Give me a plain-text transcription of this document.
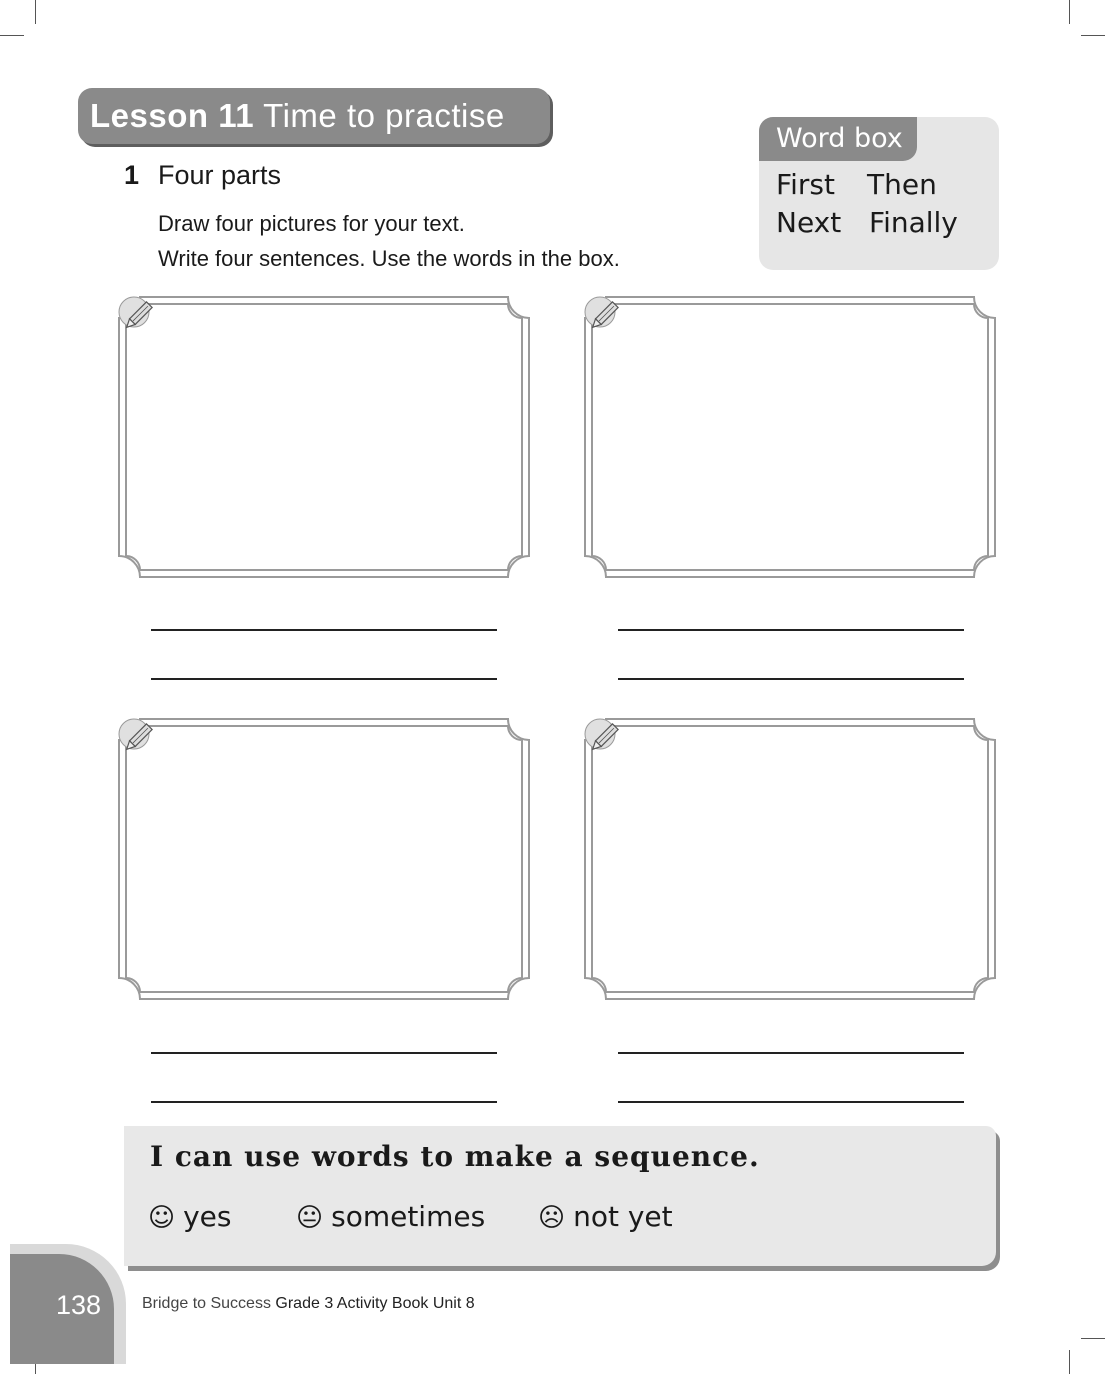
Lesson 11 Time to practise
1 Four parts
Draw four pictures for your text.
Write four sentences. Use the words in the box.
Word box
First Then
Next Finally
I can use words to make a sequence.
☺ yes 😐︎ sometimes ☹ not yet
138	Bridge to Success Grade 3 Activity Book Unit 8
